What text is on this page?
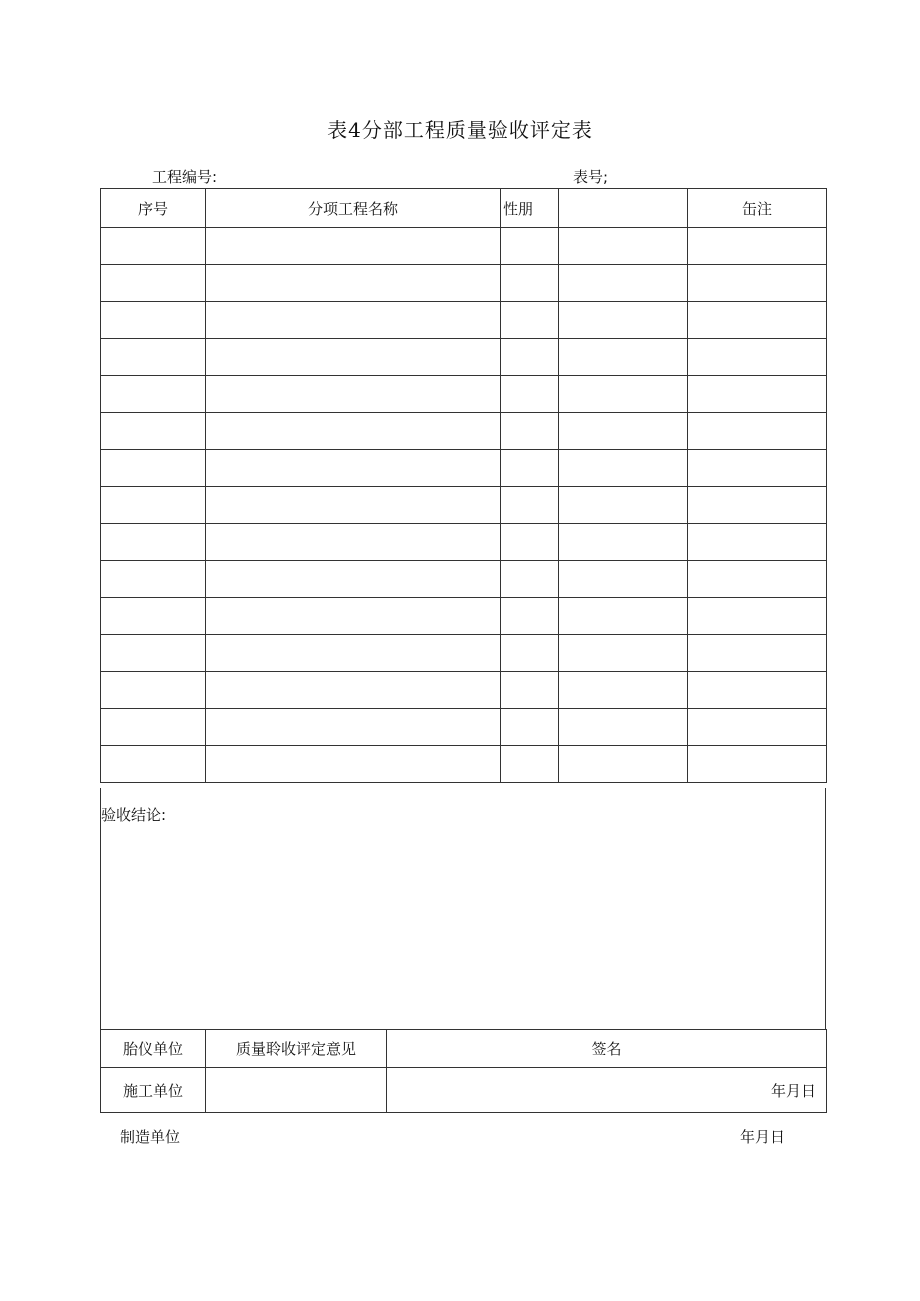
表4分部工程质量验收评定表
工程编号:	表号;
序号	分项工程名称	性朋		缶注

验收结论:
胎仪单位	质量聆收评定意见	签名
施工单位		年月日
制造单位	年月日
